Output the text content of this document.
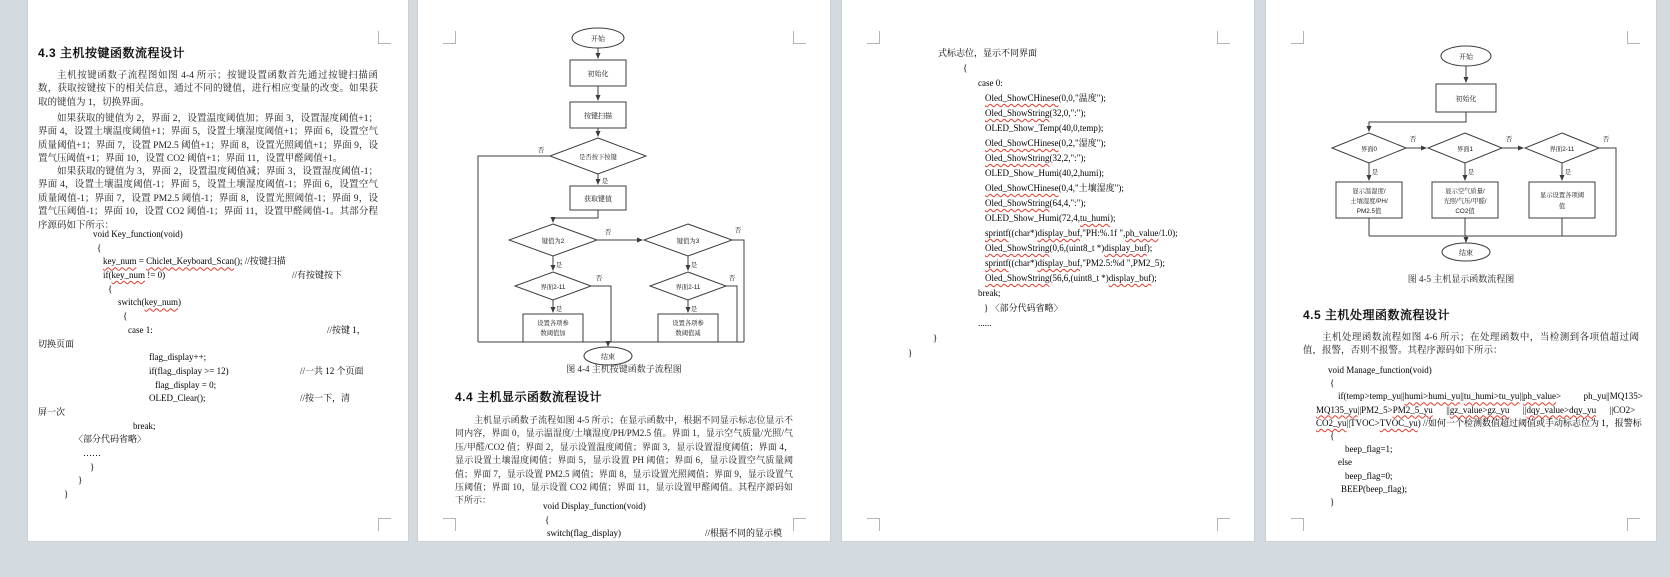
4.3 主机按键函数流程设计
主机按键函数子流程图如图 4-4 所示；按键设置函数首先通过按键扫描函数，获取按键按下的相关信息，通过不同的键值，进行相应变量的改变。如果获取的键值为 1，切换界面。
如果获取的键值为 2，界面 2，设置温度阈值加；界面 3，设置湿度阈值+1；界面 4，设置土壤温度阈值+1；界面 5，设置土壤湿度阈值+1；界面 6，设置空气质量阈值+1；界面 7，设置 PM2.5 阈值+1；界面 8，设置光照阈值+1；界面 9，设置气压阈值+1；界面 10，设置 CO2 阈值+1；界面 11，设置甲醛阈值+1。
如果获取的键值为 3，界面 2，设置温度阈值减；界面 3，设置湿度阈值-1；界面 4，设置土壤温度阈值-1；界面 5，设置土壤湿度阈值-1；界面 6，设置空气质量阈值-1；界面 7，设置 PM2.5 阈值-1；界面 8，设置光照阈值-1；界面 9，设置气压阈值-1；界面 10，设置 CO2 阈值-1；界面 11，设置甲醛阈值-1。其部分程序源码如下所示：
void Key_function(void)
{
key_num = Chiclet_Keyboard_Scan(); //按键扫描
if(key_num != 0)	//有按键按下
{
switch(key_num)
{
case 1:	//按键 1，
切换页面
flag_display++;
if(flag_display >= 12)	//一共 12 个页面
flag_display = 0;
OLED_Clear();	//按一下，清
屏一次
break;
〈部分代码省略〉
……
}
}
}
开始
初始化
按键扫描
是否按下按键
否
是
获取键值
键值为2
否
键值为3
否
是
界面2-11
否
是
设置各项参
数阈值加
是
界面2-11
否
是
设置各项参
数阈值减
结束
图 4-4 主机按键函数子流程图
4.4 主机显示函数流程设计
主机显示函数子流程如图 4-5 所示；在显示函数中，根据不同显示标志位显示不同内容，界面 0，显示温湿度/土壤湿度/PH/PM2.5 值。界面 1，显示空气质量/光照/气压/甲醛/CO2 值；界面 2，显示设置温度阈值；界面 3，显示设置湿度阈值；界面 4，显示设置土壤湿度阈值；界面 5，显示设置 PH 阈值；界面 6，显示设置空气质量阈值；界面 7，显示设置 PM2.5 阈值；界面 8，显示设置光照阈值；界面 9，显示设置气压阈值；界面 10，显示设置 CO2 阈值；界面 11，显示设置甲醛阈值。其程序源码如下所示：
void Display_function(void)
{
switch(flag_display)	//根据不同的显示模
式标志位，显示不同界面
{
case 0:
Oled_ShowCHinese(0,0,"温度");
Oled_ShowString(32,0,":");
OLED_Show_Temp(40,0,temp);
Oled_ShowCHinese(0,2,"湿度");
Oled_ShowString(32,2,":");
OLED_Show_Humi(40,2,humi);
Oled_ShowCHinese(0,4,"土壤湿度");
Oled_ShowString(64,4,":");
OLED_Show_Humi(72,4,tu_humi);
sprintf((char*)display_buf,"PH:%.1f ",ph_value/1.0);
Oled_ShowString(0,6,(uint8_t *)display_buf);
sprintf((char*)display_buf,"PM2.5:%d ",PM2_5);
Oled_ShowString(56,6,(uint8_t *)display_buf);
break;
} 〈部分代码省略〉
......
}
}
开始
初始化
界面0
否
界面1
否
界面2-11
否
是	是	是
显示温湿度/
土壤湿度/PH/
PM2.5值
显示空气质量/
光照/气压/甲醛/
CO2值
显示设置各项阈
值
结束
图 4-5 主机显示函数流程图
4.5 主机处理函数流程设计
主机处理函数流程如图 4-6 所示；在处理函数中，当检测到各项值超过阈值，报警，否则不报警。其程序源码如下所示：
void Manage_function(void)
{
if(temp>temp_yu||humi>humi_yu||tu_humi>tu_yu||ph_value>          ph_yu||MQ135>
MQ135_yu||PM2_5>PM2_5_yu      ||gz_value>gz_yu      ||dqy_value>dqy_yu      ||CO2>
CO2_yu||TVOC>TVOC_yu) //如何一个检测数值超过阈值或手动标志位为 1，报警标
{
beep_flag=1;
else
beep_flag=0;
BEEP(beep_flag);
}
